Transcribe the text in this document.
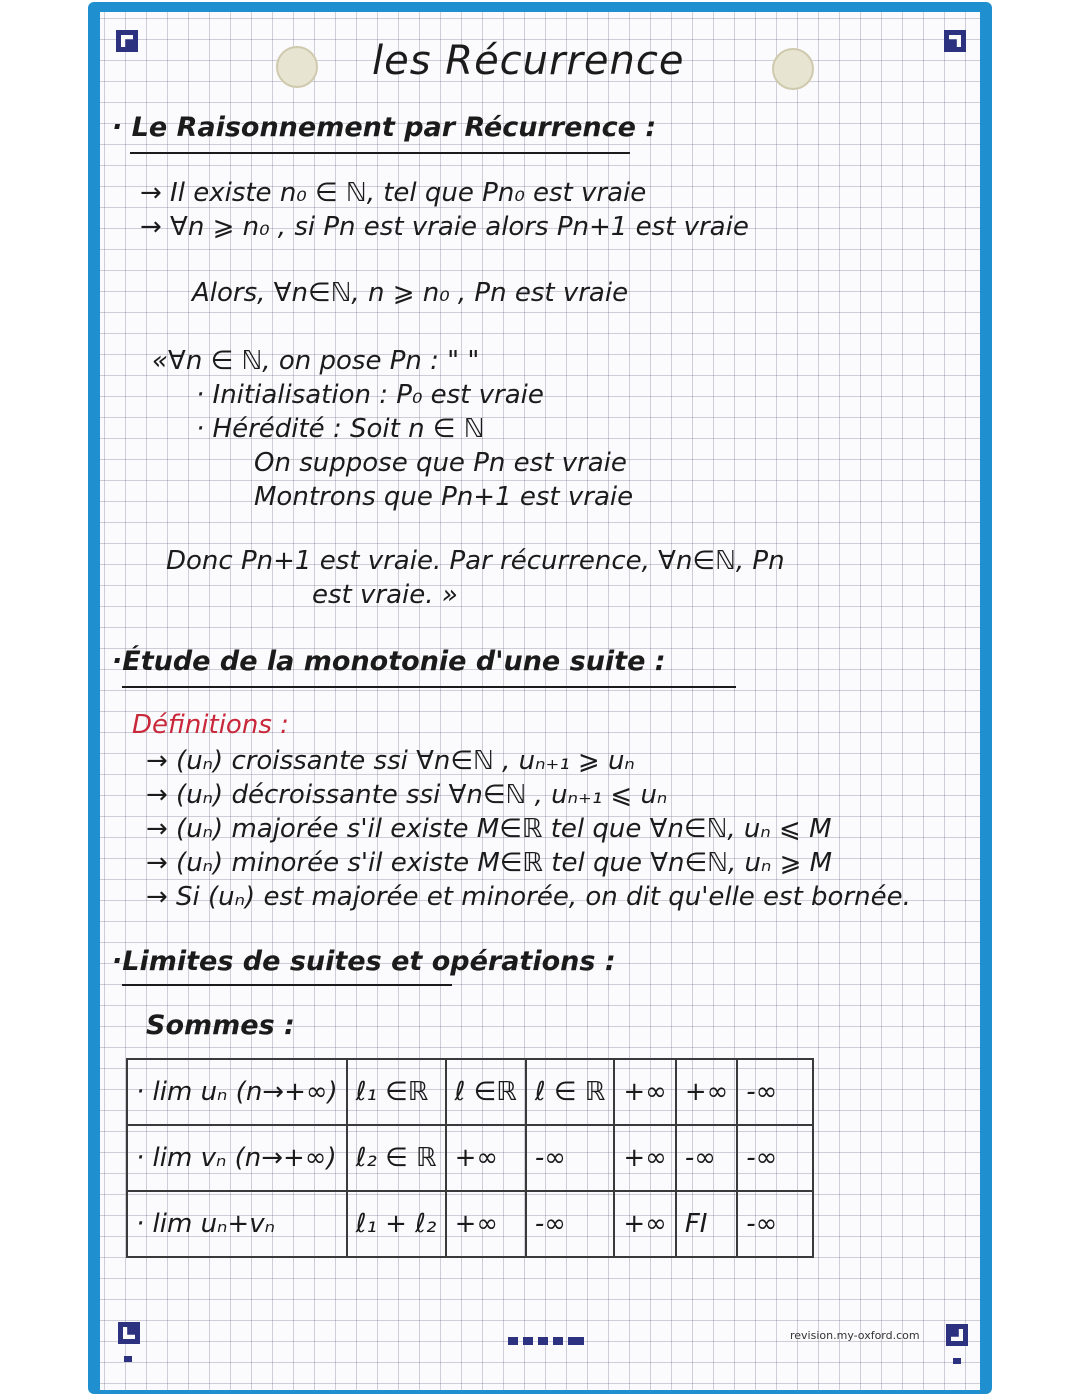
les Récurrence
· Le Raisonnement par Récurrence :
→ Il existe n₀ ∈ ℕ, tel que Pn₀ est vraie
→ ∀n ⩾ n₀ , si Pn est vraie alors Pn+1 est vraie
Alors, ∀n∈ℕ, n ⩾ n₀ , Pn est vraie
«∀n ∈ ℕ, on pose Pn : " "
· Initialisation : P₀ est vraie
· Hérédité : Soit n ∈ ℕ
On suppose que Pn est vraie
Montrons que Pn+1 est vraie
Donc Pn+1 est vraie. Par récurrence, ∀n∈ℕ, Pn
est vraie. »
·Étude de la monotonie d'une suite :
Définitions :
→ (uₙ) croissante ssi ∀n∈ℕ , uₙ₊₁ ⩾ uₙ
→ (uₙ) décroissante ssi ∀n∈ℕ , uₙ₊₁ ⩽ uₙ
→ (uₙ) majorée s'il existe M∈ℝ tel que ∀n∈ℕ, uₙ ⩽ M
→ (uₙ) minorée s'il existe M∈ℝ tel que ∀n∈ℕ, uₙ ⩾ M
→ Si (uₙ) est majorée et minorée, on dit qu'elle est bornée.
·Limites de suites et opérations :
Sommes :
· lim uₙ (n→+∞)	ℓ₁ ∈ℝ	ℓ ∈ℝ	ℓ ∈ ℝ	+∞	+∞	-∞
· lim vₙ (n→+∞)	ℓ₂ ∈ ℝ	+∞	-∞	+∞	-∞	-∞
· lim uₙ+vₙ	ℓ₁ + ℓ₂	+∞	-∞	+∞	FI	-∞
revision.my-oxford.com
